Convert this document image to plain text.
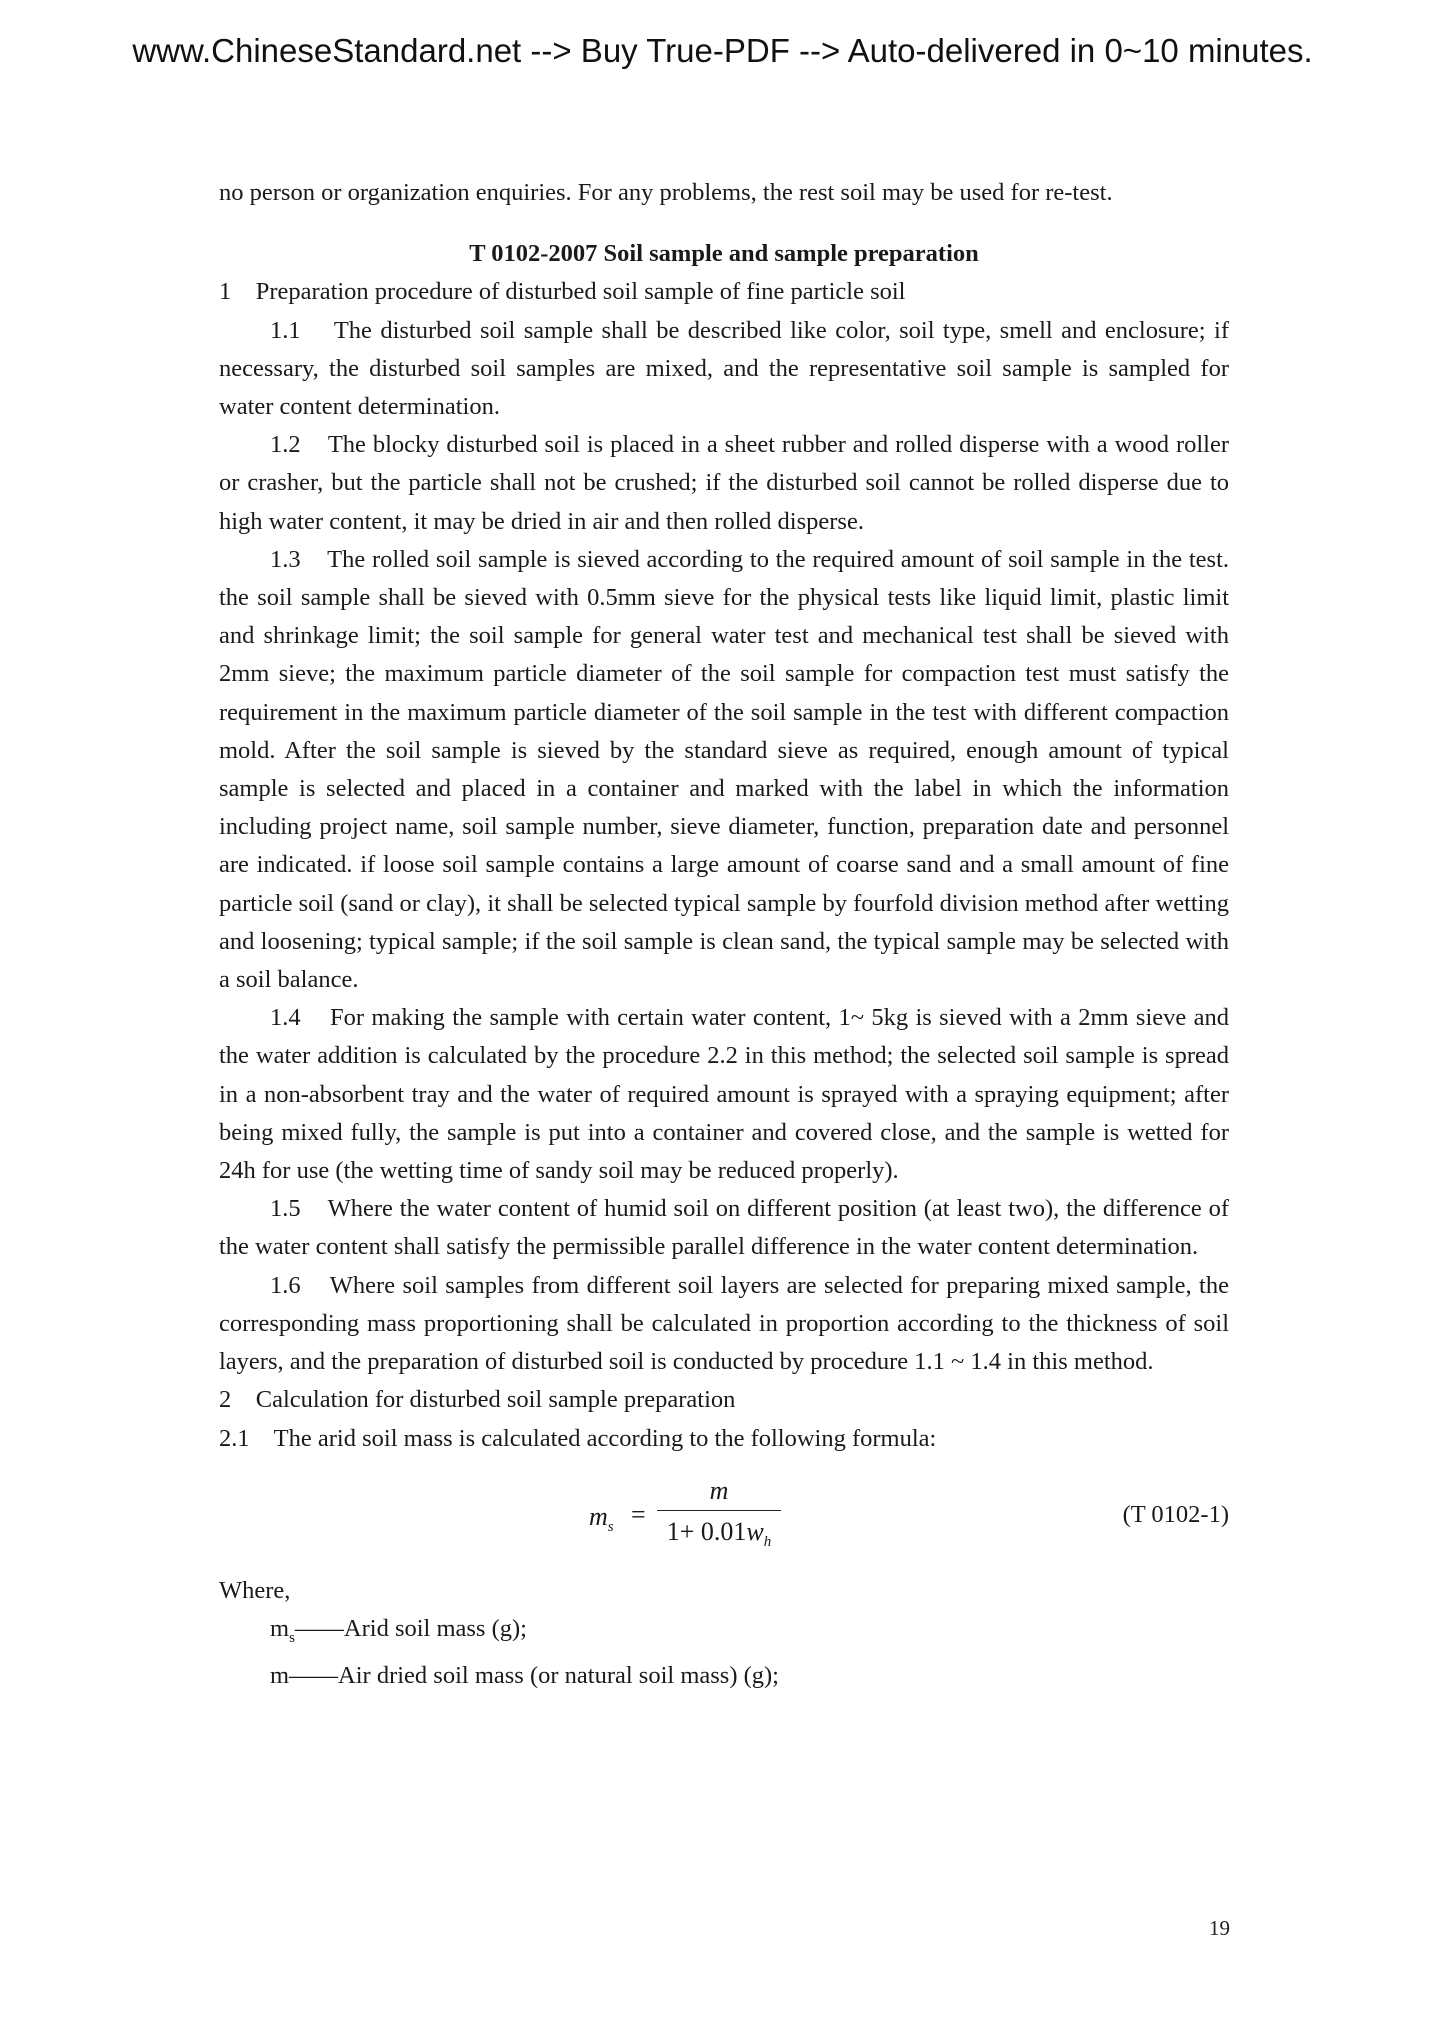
www.ChineseStandard.net --> Buy True-PDF --> Auto-delivered in 0~10 minutes.

no person or organization enquiries. For any problems, the rest soil may be used for re-test.

T 0102-2007 Soil sample and sample preparation

1    Preparation procedure of disturbed soil sample of fine particle soil

1.1    The disturbed soil sample shall be described like color, soil type, smell and enclosure; if necessary, the disturbed soil samples are mixed, and the representative soil sample is sampled for water content determination.

1.2    The blocky disturbed soil is placed in a sheet rubber and rolled disperse with a wood roller or crasher, but the particle shall not be crushed; if the disturbed soil cannot be rolled disperse due to high water content, it may be dried in air and then rolled disperse.

1.3    The rolled soil sample is sieved according to the required amount of soil sample in the test. the soil sample shall be sieved with 0.5mm sieve for the physical tests like liquid limit, plastic limit and shrinkage limit; the soil sample for general water test and mechanical test shall be sieved with 2mm sieve; the maximum particle diameter of the soil sample for compaction test must satisfy the requirement in the maximum particle diameter of the soil sample in the test with different compaction mold. After the soil sample is sieved by the standard sieve as required, enough amount of typical sample is selected and placed in a container and marked with the label in which the information including project name, soil sample number, sieve diameter, function, preparation date and personnel are indicated. if loose soil sample contains a large amount of coarse sand and a small amount of fine particle soil (sand or clay), it shall be selected typical sample by fourfold division method after wetting and loosening; typical sample; if the soil sample is clean sand, the typical sample may be selected with a soil balance.

1.4    For making the sample with certain water content, 1~ 5kg is sieved with a 2mm sieve and the water addition is calculated by the procedure 2.2 in this method; the selected soil sample is spread in a non-absorbent tray and the water of required amount is sprayed with a spraying equipment; after being mixed fully, the sample is put into a container and covered close, and the sample is wetted for 24h for use (the wetting time of sandy soil may be reduced properly).

1.5    Where the water content of humid soil on different position (at least two), the difference of the water content shall satisfy the permissible parallel difference in the water content determination.

1.6    Where soil samples from different soil layers are selected for preparing mixed sample, the corresponding mass proportioning shall be calculated in proportion according to the thickness of soil layers, and the preparation of disturbed soil is conducted by procedure 1.1 ~ 1.4 in this method.

2    Calculation for disturbed soil sample preparation

2.1    The arid soil mass is calculated according to the following formula:

$m_s$ =
m
$1+ 0.01w_h$
(T 0102-1)

Where,

$m_s——Arid$ soil mass (g);

m——Air dried soil mass (or natural soil mass) (g);

19
